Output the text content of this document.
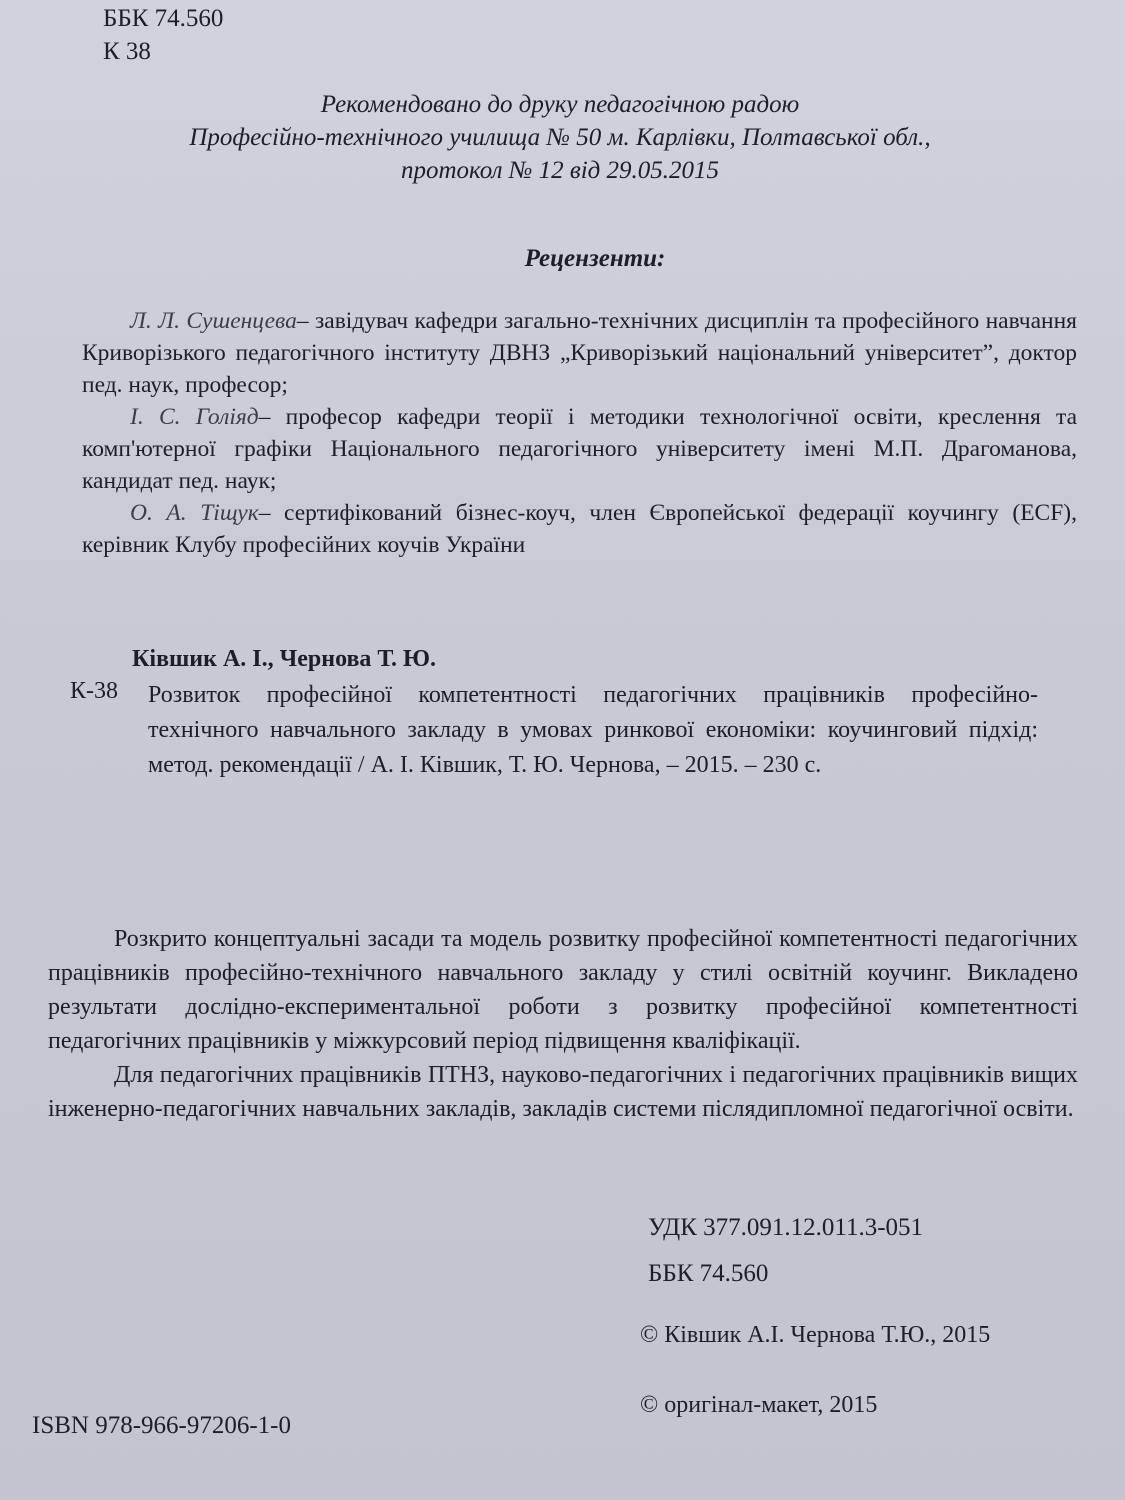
ББК 74.560
К 38
Рекомендовано до друку педагогічною радою
Професійно-технічного училища № 50 м. Карлівки, Полтавської обл.,
протокол № 12 від 29.05.2015
Рецензенти:

Л. Л. Сушенцева– завідувач кафедри загально-технічних дисциплін та професійного навчання Криворізького педагогічного інституту ДВНЗ „Криворізький національний університет”, доктор пед. наук, професор;

І. С. Голіяд– професор кафедри теорії і методики технологічної освіти, креслення та комп'ютерної графіки Національного педагогічного університету імені М.П. Драгоманова, кандидат пед. наук;

О. А. Тіщук– сертифікований бізнес-коуч, член Європейської федерації коучингу (ECF), керівник Клубу професійних коучів України

Ківшик А. І., Чернова Т. Ю.
К-38 Розвиток професійної компетентності педагогічних працівників професійно-технічного навчального закладу в умовах ринкової економіки: коучинговий підхід: метод. рекомендації / А. І. Ківшик, Т. Ю. Чернова, – 2015. – 230 с.

Розкрито концептуальні засади та модель розвитку професійної компетентності педагогічних працівників професійно-технічного навчального закладу у стилі освітній коучинг. Викладено результати дослідно-експериментальної роботи з розвитку професійної компетентності педагогічних працівників у міжкурсовий період підвищення кваліфікації.

Для педагогічних працівників ПТНЗ, науково-педагогічних і педагогічних працівників вищих інженерно-педагогічних навчальних закладів, закладів системи післядипломної педагогічної освіти.

УДК 377.091.12.011.3-051
ББК 74.560
© Ківшик А.І. Чернова Т.Ю., 2015
© оригінал-макет, 2015
ISBN 978-966-97206-1-0
